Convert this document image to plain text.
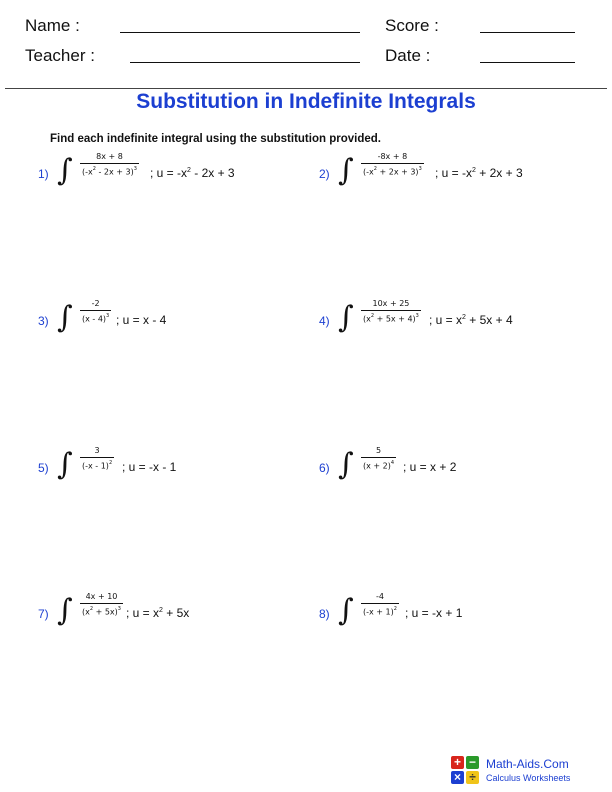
Name :	Score :
Teacher :	Date :
Substitution in Indefinite Integrals
Find each indefinite integral using the substitution provided.
1) ∫	8x + 8
$(-x^2 - 2x + 3)^3$ ; $u = -x^2 - 2x + 3$	2) ∫	-8x + 8
$(-x^2 + 2x + 3)^3$ ; $u = -x^2 + 2x + 3$
3) ∫ -2
(x - 4)$^3$ ; u = x - 4	4) ∫ 10x + 25
$(x^2 + 5x + 4)^3$ ; $u = x^2 + 5x + 4$
5) ∫	3
(-x - 1)$^2$ ; u = -x - 1	6) ∫	5
$(x + 2)^4$ ; u = x + 2
7) ∫ 4x + 10
$(x^2 + 5x)^3$ ; $u = x^2 + 5x$	8) ∫	-4
$(-x + 1)^2$ ; u = -x + 1
+ −
× ÷
Math-Aids.Com
Calculus Worksheets
